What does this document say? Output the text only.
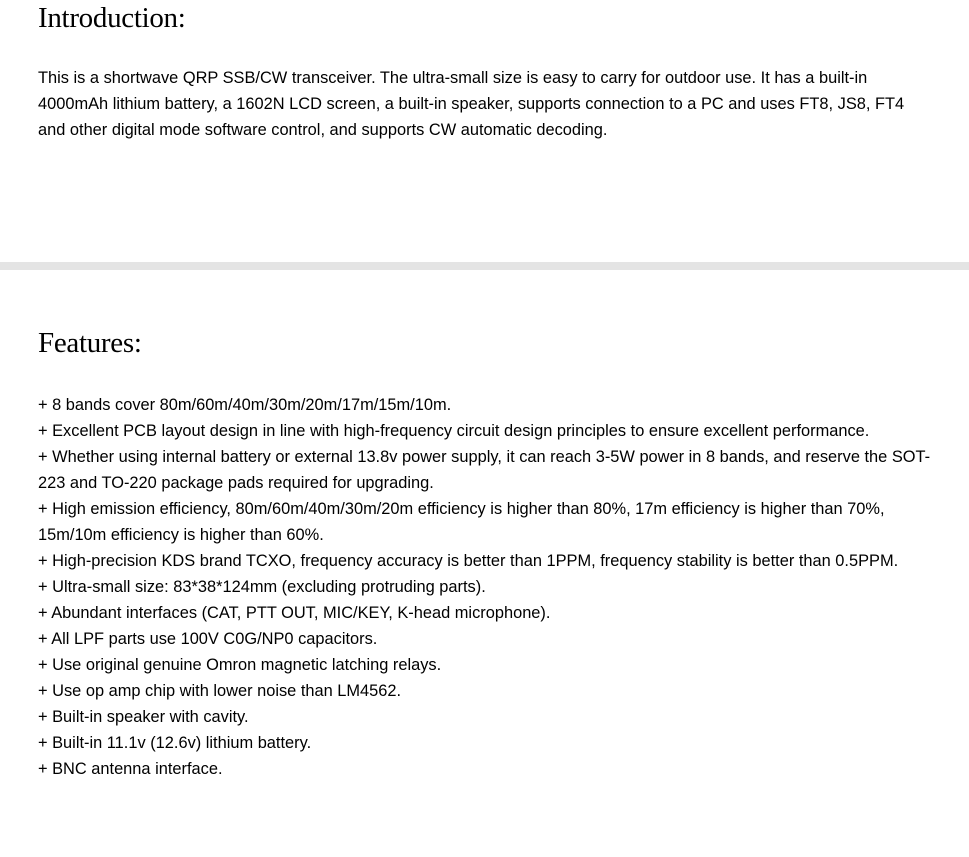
Introduction:

This is a shortwave QRP SSB/CW transceiver. The ultra-small size is easy to carry for outdoor use. It has a built-in 4000mAh lithium battery, a 1602N LCD screen, a built-in speaker, supports connection to a PC and uses FT8, JS8, FT4 and other digital mode software control, and supports CW automatic decoding.

Features:
+ 8 bands cover 80m/60m/40m/30m/20m/17m/15m/10m.
+ Excellent PCB layout design in line with high-frequency circuit design principles to ensure excellent performance.
+ Whether using internal battery or external 13.8v power supply, it can reach 3-5W power in 8 bands, and reserve the SOT-223 and TO-220 package pads required for upgrading.
+ High emission efficiency, 80m/60m/40m/30m/20m efficiency is higher than 80%, 17m efficiency is higher than 70%, 15m/10m efficiency is higher than 60%.
+ High-precision KDS brand TCXO, frequency accuracy is better than 1PPM, frequency stability is better than 0.5PPM.
+ Ultra-small size: 83*38*124mm (excluding protruding parts).
+ Abundant interfaces (CAT, PTT OUT, MIC/KEY, K-head microphone).
+ All LPF parts use 100V C0G/NP0 capacitors.
+ Use original genuine Omron magnetic latching relays.
+ Use op amp chip with lower noise than LM4562.
+ Built-in speaker with cavity.
+ Built-in 11.1v (12.6v) lithium battery.
+ BNC antenna interface.
